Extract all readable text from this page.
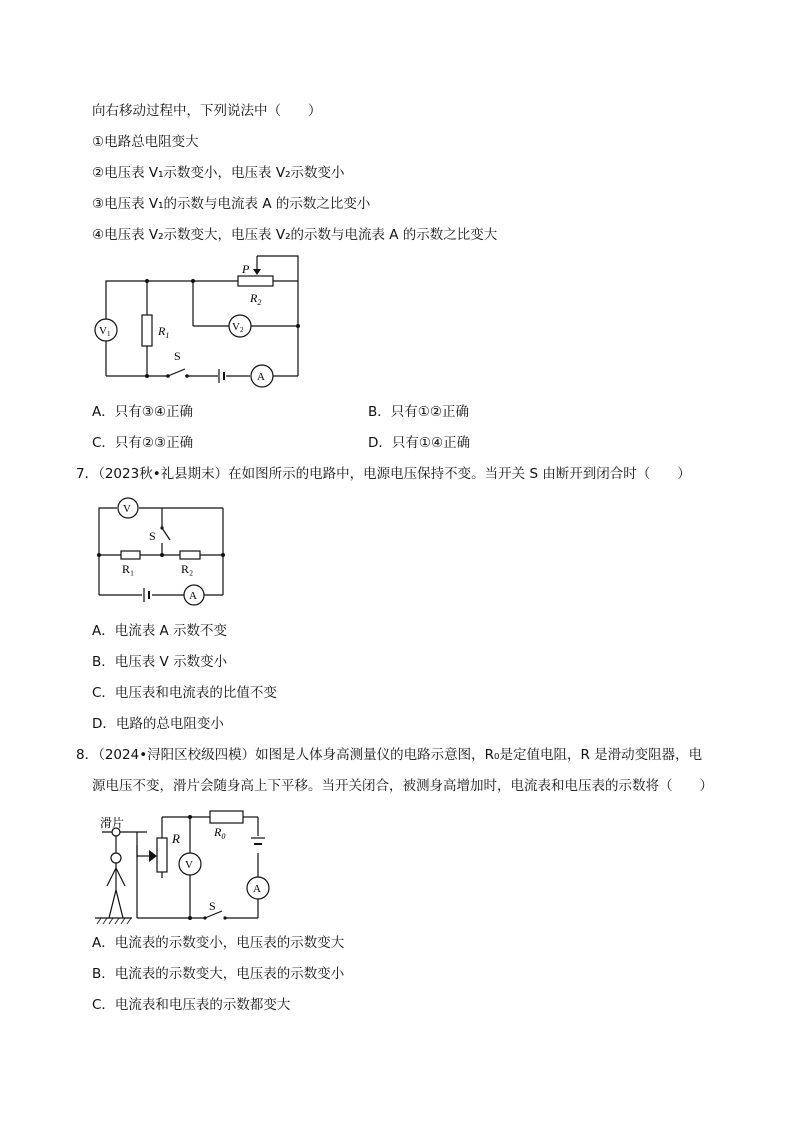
向右移动过程中，下列说法中（　　）
①电路总电阻变大
②电压表 V₁示数变小，电压表 V₂示数变小
③电压表 V₁的示数与电流表 A 的示数之比变小
④电压表 V₂示数变大，电压表 V₂的示数与电流表 A 的示数之比变大
P
$R_2$
$R_1$
V1
V2
S
A
A．只有③④正确	B．只有①②正确
C．只有②③正确	D．只有①④正确
7．（2023秋•礼县期末）在如图所示的电路中，电源电压保持不变。当开关 S 由断开到闭合时（　　）
V
S
R₁	R₂
A
A．电流表 A 示数不变
B．电压表 V 示数变小
C．电压表和电流表的比值不变
D．电路的总电阻变小
8．（2024•浔阳区校级四模）如图是人体身高测量仪的电路示意图，R₀是定值电阻，R 是滑动变阻器，电
源电压不变，滑片会随身高上下平移。当开关闭合，被测身高增加时，电流表和电压表的示数将（　　）
滑片
R	$R_0$
V
A
S
A．电流表的示数变小，电压表的示数变大
B．电流表的示数变大，电压表的示数变小
C．电流表和电压表的示数都变大
